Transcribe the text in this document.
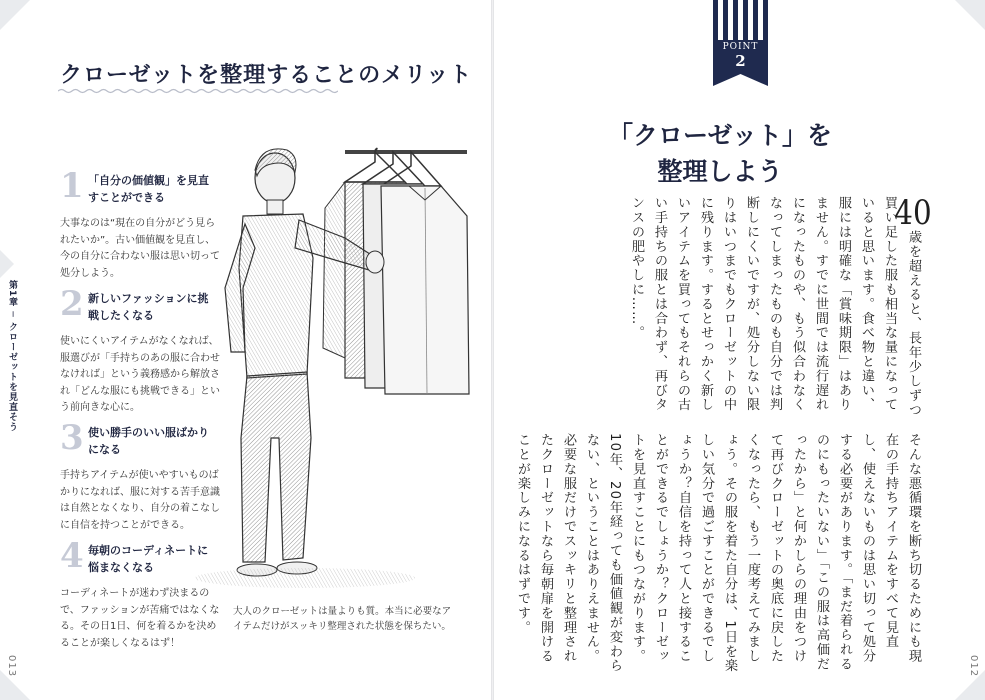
クローゼットを整理することのメリット
第1章 ─ クローゼットを見直そう
1 「自分の価値観」を見直すことができる
大事なのは“現在の自分がどう見られたいか”。古い価値観を見直し、今の自分に合わない服は思い切って処分しよう。
2 新しいファッションに挑戦したくなる
使いにくいアイテムがなくなれば、服選びが「手持ちのあの服に合わせなければ」という義務感から解放され「どんな服にも挑戦できる」という前向きな心に。
3 使い勝手のいい服ばかりになる
手持ちアイテムが使いやすいものばかりになれば、服に対する苦手意識は自然となくなり、自分の着こなしに自信を持つことができる。
4 毎朝のコーディネートに悩まなくなる
コーディネートが迷わず決まるので、ファッションが苦痛ではなくなる。その日1日、何を着るかを決めることが楽しくなるはず！
大人のクローゼットは量よりも質。本当に必要なアイテムだけがスッキリ整理された状態を保ちたい。
013	012
POINT
2
「クローゼット」を
整理しよう
40歳を超えると、長年少しずつ買い足した服も相当な量になっていると思います。食べ物と違い、服には明確な「賞味期限」はありません。すでに世間では流行遅れになったものや、もう似合わなくなってしまったものも自分では判断しにくいですが、処分しない限りはいつまでもクローゼットの中に残ります。するとせっかく新しいアイテムを買ってもそれらの古い手持ちの服とは合わず、再びタンスの肥やしに……。
そんな悪循環を断ち切るためにも現在の手持ちアイテムをすべて見直し、使えないものは思い切って処分する必要があります。「まだ着られるのにもったいない」「この服は高価だったから」と何かしらの理由をつけて再びクローゼットの奥底に戻したくなったら、もう一度考えてみましょう。その服を着た自分は、1日を楽しい気分で過ごすことができるでしょうか？自信を持って人と接することができるでしょうか？クローゼットを見直すことにもつながります。10年、20年経っても価値観が変わらない、ということはありえません。必要な服だけでスッキリと整理されたクローゼットなら毎朝扉を開けることが楽しみになるはずです。
